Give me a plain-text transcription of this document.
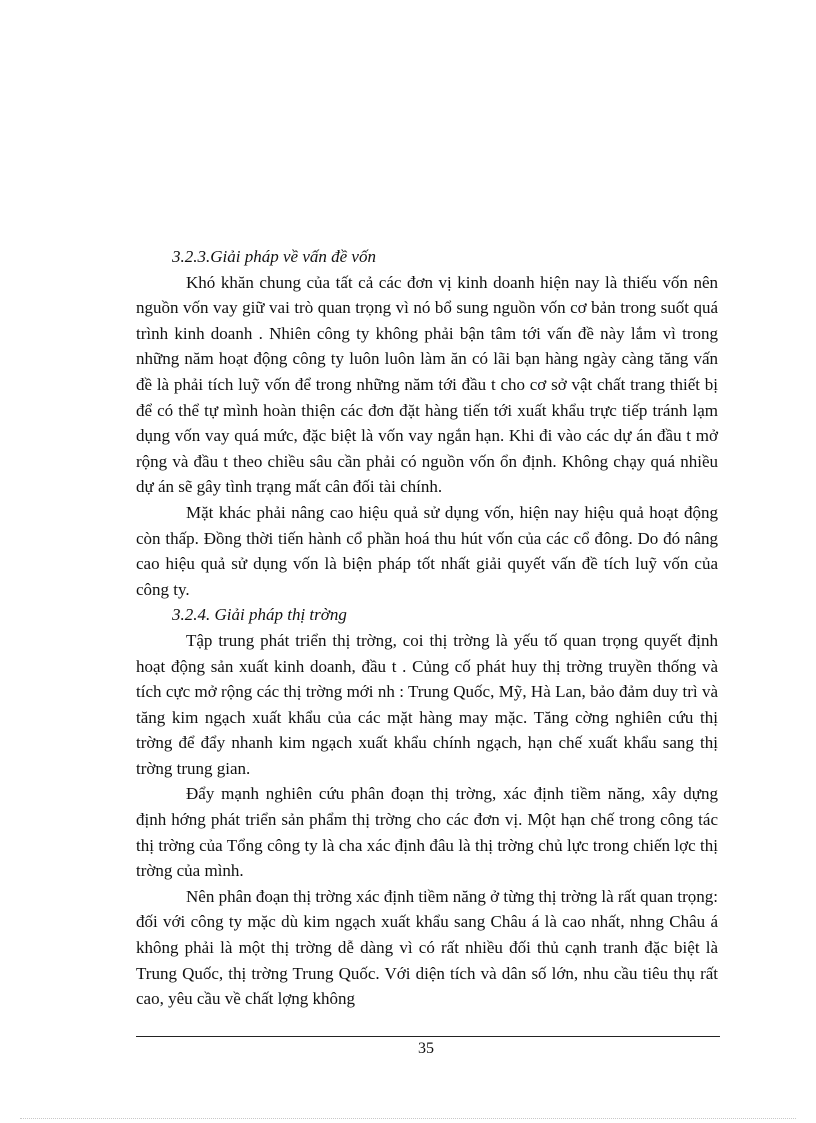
3.2.3.Giải pháp về vấn đề vốn

Khó khăn chung của tất cả các đơn vị kinh doanh hiện nay là thiếu vốn nên nguồn vốn vay giữ vai trò quan trọng vì nó bổ sung nguồn vốn cơ bản trong suốt quá trình kinh doanh . Nhiên công ty không phải bận tâm tới vấn đề này lắm vì trong những năm hoạt động công ty luôn luôn làm ăn có lãi bạn hàng ngày càng tăng vấn đề là phải tích luỹ vốn để trong những năm tới đầu t cho cơ sở vật chất trang thiết bị để có thể tự mình hoàn thiện các đơn đặt hàng tiến tới xuất khẩu trực tiếp tránh lạm dụng vốn vay quá mức, đặc biệt là vốn vay ngắn hạn. Khi đi vào các dự án đầu t mở rộng và đầu t theo chiều sâu cần phải có nguồn vốn ổn định. Không chạy quá nhiều dự án sẽ gây tình trạng mất cân đối tài chính.

Mặt khác phải nâng cao hiệu quả sử dụng vốn, hiện nay hiệu quả hoạt động còn thấp. Đồng thời tiến hành cổ phần hoá thu hút vốn của các cổ đông. Do đó nâng cao hiệu quả sử dụng vốn là biện pháp tốt nhất giải quyết vấn đề tích luỹ vốn của công ty.

3.2.4. Giải pháp thị trờng

Tập trung phát triển thị trờng, coi thị trờng là yếu tố quan trọng quyết định hoạt động sản xuất kinh doanh, đầu t . Củng cố phát huy thị trờng truyền thống và tích cực mở rộng các thị trờng mới nh : Trung Quốc, Mỹ, Hà Lan, bảo đảm duy trì và tăng kim ngạch xuất khẩu của các mặt hàng may mặc. Tăng cờng nghiên cứu thị trờng để đẩy nhanh kim ngạch xuất khẩu chính ngạch, hạn chế xuất khẩu sang thị trờng trung gian.

Đẩy mạnh nghiên cứu phân đoạn thị trờng, xác định tiềm năng, xây dựng định hớng phát triển sản phẩm thị trờng cho các đơn vị. Một hạn chế trong công tác thị trờng của Tổng công ty là cha xác định đâu là thị trờng chủ lực trong chiến lợc thị trờng của mình.

Nên phân đoạn thị trờng xác định tiềm năng ở từng thị trờng là rất quan trọng: đối với công ty mặc dù kim ngạch xuất khẩu sang Châu á là cao nhất, nhng Châu á không phải là một thị trờng dễ dàng vì có rất nhiều đối thủ cạnh tranh đặc biệt là Trung Quốc, thị trờng Trung Quốc. Với diện tích và dân số lớn, nhu cầu tiêu thụ rất cao, yêu cầu về chất lợng không

35
